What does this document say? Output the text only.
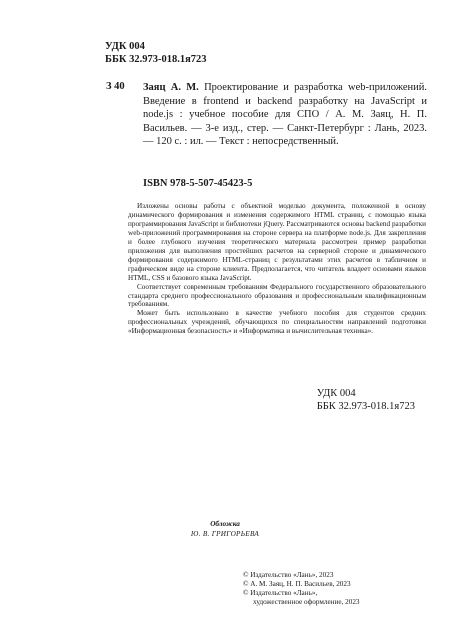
УДК 004
ББК 32.973-018.1я723
З 40 Заяц А. М. Проектирование и разработка web-приложений. Введение в frontend и backend разработку на JavaScript и node.js : учебное пособие для СПО / А. М. Заяц, Н. П. Васильев. — 3-е изд., стер. — Санкт-Петербург : Лань, 2023. — 120 с. : ил. — Текст : непосредственный.
ISBN 978-5-507-45423-5

Изложены основы работы с объектной моделью документа, положенной в основу динамического формирования и изменения содержимого HTML страниц, с помощью языка программирования JavaScript и библиотеки jQuery. Рассматриваются основы backend разработки web-приложений программирования на стороне сервера на платформе node.js. Для закрепления и более глубокого изучения теоретического материала рассмотрен пример разработки приложения для выполнения простейших расчетов на серверной стороне и динамического формирования содержимого HTML-страниц с результатами этих расчетов в табличном и графическом виде на стороне клиента. Предполагается, что читатель владеет основами языков HTML, CSS и базового языка JavaScript.

Соответствует современным требованиям Федерального государственного образовательного стандарта среднего профессионального образования и профессиональным квалификационным требованиям.

Может быть использовано в качестве учебного пособия для студентов средних профессиональных учреждений, обучающихся по специальностям направлений подготовки «Информационная безопасность» и «Информатика и вычислительная техника».

УДК 004
ББК 32.973-018.1я723
Обложка
Ю. В. ГРИГОРЬЕВА
© Издательство «Лань», 2023
© А. М. Заяц, Н. П. Васильев, 2023
© Издательство «Лань»,
художественное оформление, 2023
